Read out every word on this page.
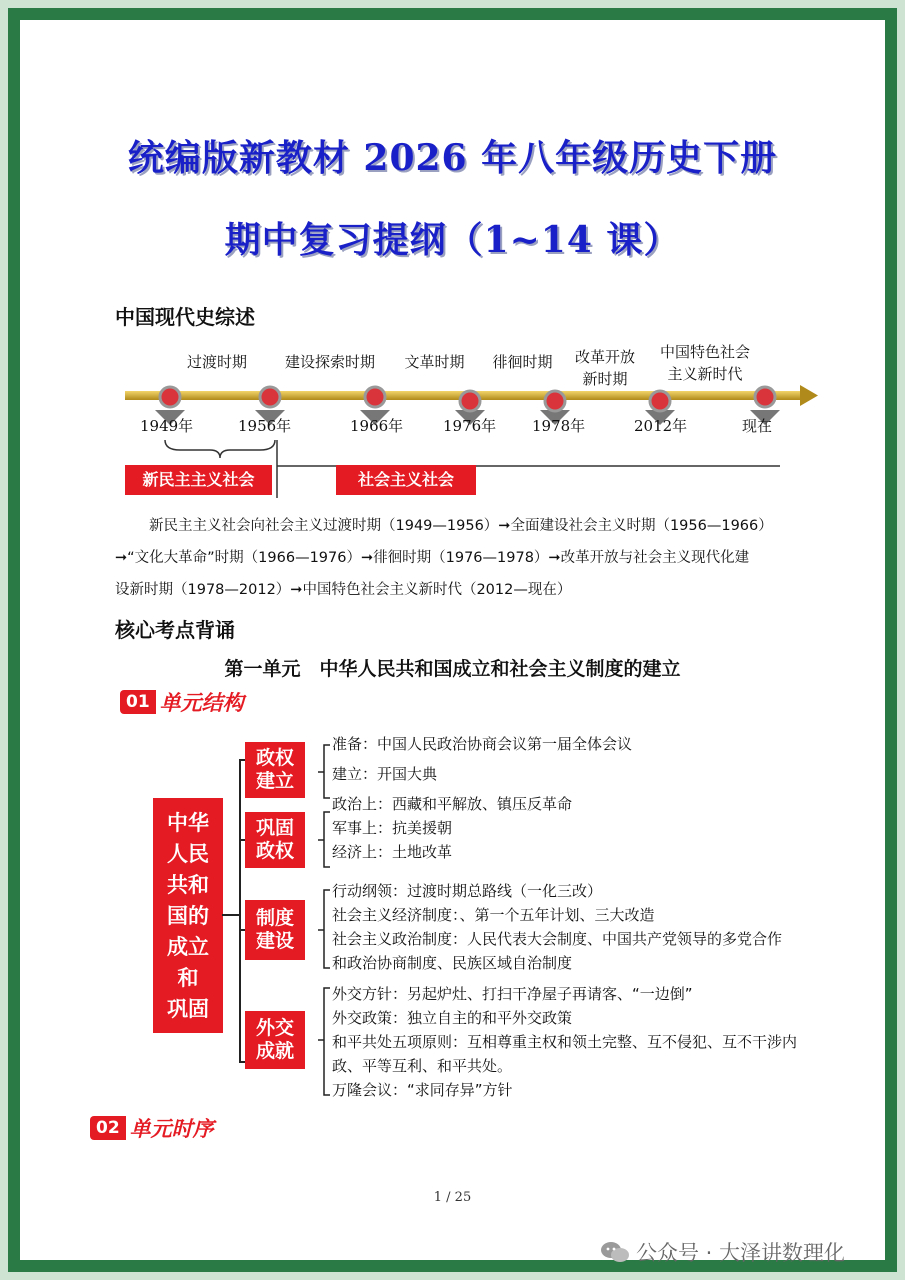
统编版新教材 2026 年八年级历史下册
期中复习提纲（1~14 课）
中国现代史综述
过渡时期	建设探索时期	文革时期	徘徊时期	改革开放
新时期
中国特色社会
主义新时代
1949年	1956年	1966年	1976年 1978年	2012年	现在
新民主主义社会	社会主义社会
新民主主义社会向社会主义过渡时期（1949—1956）➞全面建设社会主义时期（1956—1966）
➞“文化大革命”时期（1966—1976）➞徘徊时期（1976—1978）➞改革开放与社会主义现代化建
设新时期（1978—2012）➞中国特色社会主义新时代（2012—现在）
核心考点背诵
第一单元　中华人民共和国成立和社会主义制度的建立
01 单元结构
中华
人民
共和
国的
成立
和
巩固
政权
建立
巩固
政权
制度
建设
外交
成就
准备：中国人民政治协商会议第一届全体会议
建立：开国大典
政治上：西藏和平解放、镇压反革命
军事上：抗美援朝
经济上：土地改革
行动纲领：过渡时期总路线（一化三改）
社会主义经济制度：、第一个五年计划、三大改造
社会主义政治制度：人民代表大会制度、中国共产党领导的多党合作
和政治协商制度、民族区域自治制度
外交方针：另起炉灶、打扫干净屋子再请客、“一边倒”
外交政策：独立自主的和平外交政策
和平共处五项原则：互相尊重主权和领土完整、互不侵犯、互不干涉内
政、平等互利、和平共处。
万隆会议：“求同存异”方针
02 单元时序
1 / 25
公众号 · 大泽讲数理化
